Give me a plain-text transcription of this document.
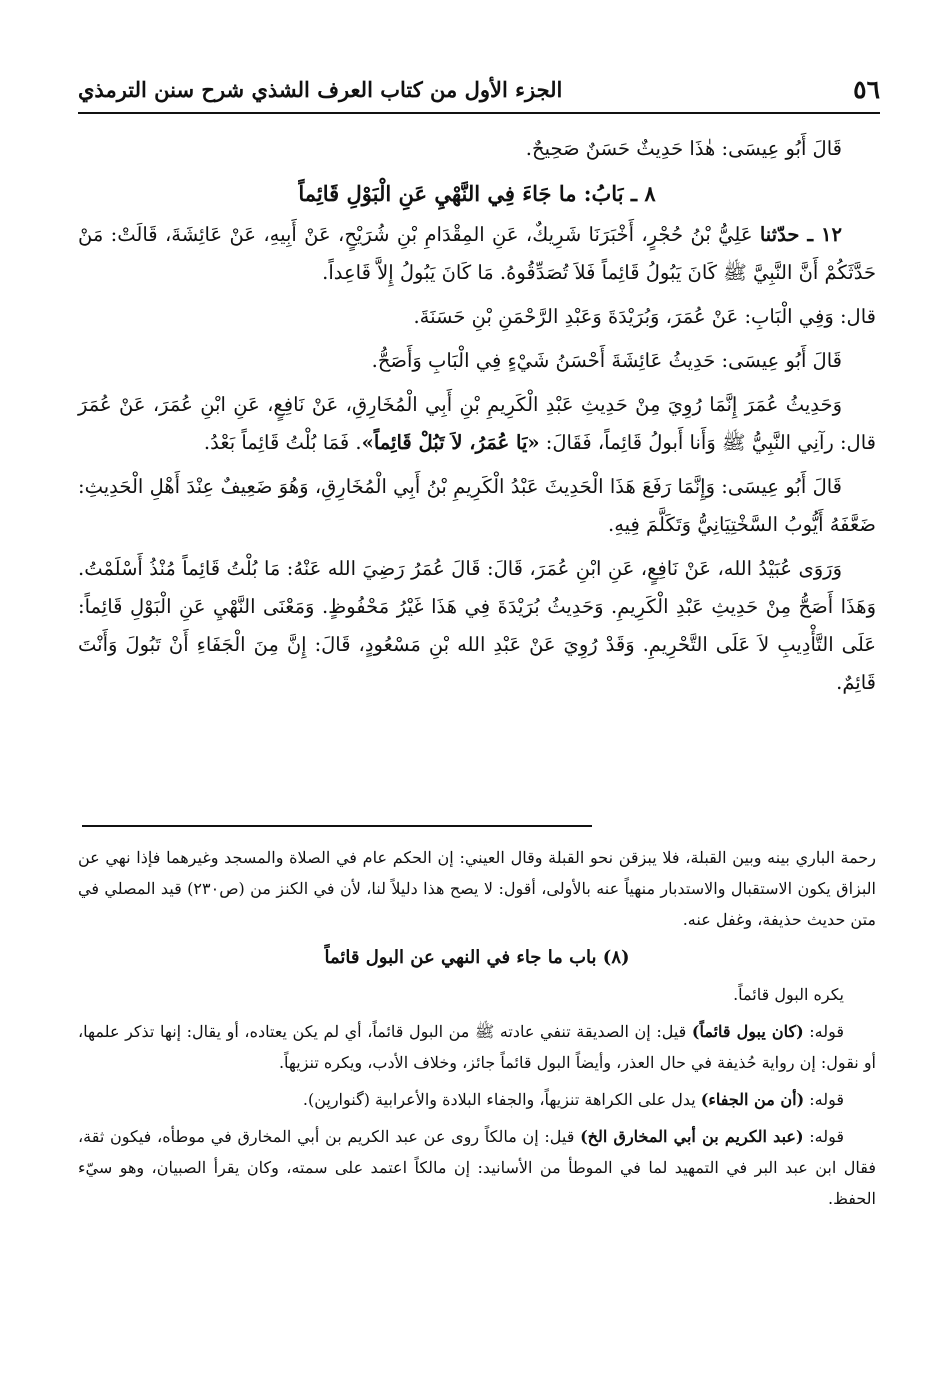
٥٦
الجزء الأول من كتاب العرف الشذي شرح سنن الترمذي

قَالَ أَبُو عِيسَى: هٰذَا حَدِيثٌ حَسَنٌ صَحِيحٌ.

٨ ـ بَابُ: ما جَاءَ فِي النَّهْيِ عَنِ الْبَوْلِ قَائِماً

١٢ ـ حدّثنا عَلِيُّ بْنُ حُجْرٍ، أَخْبَرَنَا شَرِيكٌ، عَنِ المِقْدَامِ بْنِ شُرَيْحٍ، عَنْ أَبِيهِ، عَنْ عَائِشَةَ، قَالَتْ: مَنْ حَدَّثَكُمْ أَنَّ النَّبِيَّ ﷺ كَانَ يَبُولُ قَائِماً فَلاَ تُصَدِّقُوهُ. مَا كَانَ يَبُولُ إِلاَّ قَاعِداً.

قال: وَفِي الْبَابِ: عَنْ عُمَرَ، وَبُرَيْدَةَ وَعَبْدِ الرَّحْمَنِ بْنِ حَسَنَةَ.

قَالَ أَبُو عِيسَى: حَدِيثُ عَائِشَةَ أَحْسَنُ شَيْءٍ فِي الْبَابِ وَأَصَحُّ.

وَحَدِيثُ عُمَرَ إِنَّمَا رُوِيَ مِنْ حَدِيثِ عَبْدِ الْكَرِيمِ بْنِ أَبِي الْمُخَارِقِ، عَنْ نَافِعٍ، عَنِ ابْنِ عُمَرَ، عَنْ عُمَرَ قال: رآنِي النَّبِيُّ ﷺ وَأَنا أَبولُ قَائِماً، فَقَالَ: «يَا عُمَرُ، لاَ تَبُلْ قَائِماً». فَمَا بُلْتُ قَائِماً بَعْدُ.

قَالَ أَبُو عِيسَى: وَإِنَّمَا رَفَعَ هَذَا الْحَدِيثَ عَبْدُ الْكَرِيمِ بْنُ أَبِي الْمُخَارِقِ، وَهُوَ ضَعِيفٌ عِنْدَ أَهْلِ الْحَدِيثِ: ضَعَّفَهُ أَيُّوبُ السَّخْتِيَانِيُّ وَتَكَلَّمَ فِيهِ.

وَرَوَى عُبَيْدُ الله، عَنْ نَافِعٍ، عَنِ ابْنِ عُمَرَ، قَالَ: قَالَ عُمَرُ رَضِيَ الله عَنْهُ: مَا بُلْتُ قَائِماً مُنْذُ أَسْلَمْتُ. وَهَذَا أَصَحُّ مِنْ حَدِيثِ عَبْدِ الْكَرِيمِ. وَحَدِيثُ بُرَيْدَةَ فِي هَذَا غَيْرُ مَحْفُوظٍ. وَمَعْنَى النَّهْيِ عَنِ الْبَوْلِ قَائِماً: عَلَى التَّأْدِيبِ لاَ عَلَى التَّحْرِيمِ. وَقَدْ رُوِيَ عَنْ عَبْدِ الله بْنِ مَسْعُودٍ، قَالَ: إِنَّ مِنَ الْجَفَاءِ أَنْ تَبُولَ وَأَنْتَ قَائِمٌ.

رحمة الباري بينه وبين القبلة، فلا يبزقن نحو القبلة وقال العيني: إن الحكم عام في الصلاة والمسجد وغيرهما فإذا نهي عن البزاق يكون الاستقبال والاستدبار منهياً عنه بالأولى، أقول: لا يصح هذا دليلاً لنا، لأن في الكنز من (ص٢٣٠) قيد المصلي في متن حديث حذيفة، وغفل عنه.

(٨) باب ما جاء في النهي عن البول قائماً

يكره البول قائماً.

قوله: (كان يبول قائماً) قيل: إن الصديقة تنفي عادته ﷺ من البول قائماً، أي لم يكن يعتاده، أو يقال: إنها تذكر علمها، أو نقول: إن رواية حُذيفة في حال العذر، وأيضاً البول قائماً جائز، وخلاف الأدب، ويكره تنزيهاً.

قوله: (أن من الجفاء) يدل على الكراهة تنزيهاً، والجفاء البلادة والأعرابية (گنوارپن).

قوله: (عبد الكريم بن أبي المخارق الخ) قيل: إن مالكاً روى عن عبد الكريم بن أبي المخارق في موطأه، فيكون ثقة، فقال ابن عبد البر في التمهيد لما في الموطأ من الأسانيد: إن مالكاً اعتمد على سمته، وكان يقرأ الصبيان، وهو سيّء الحفظ.
